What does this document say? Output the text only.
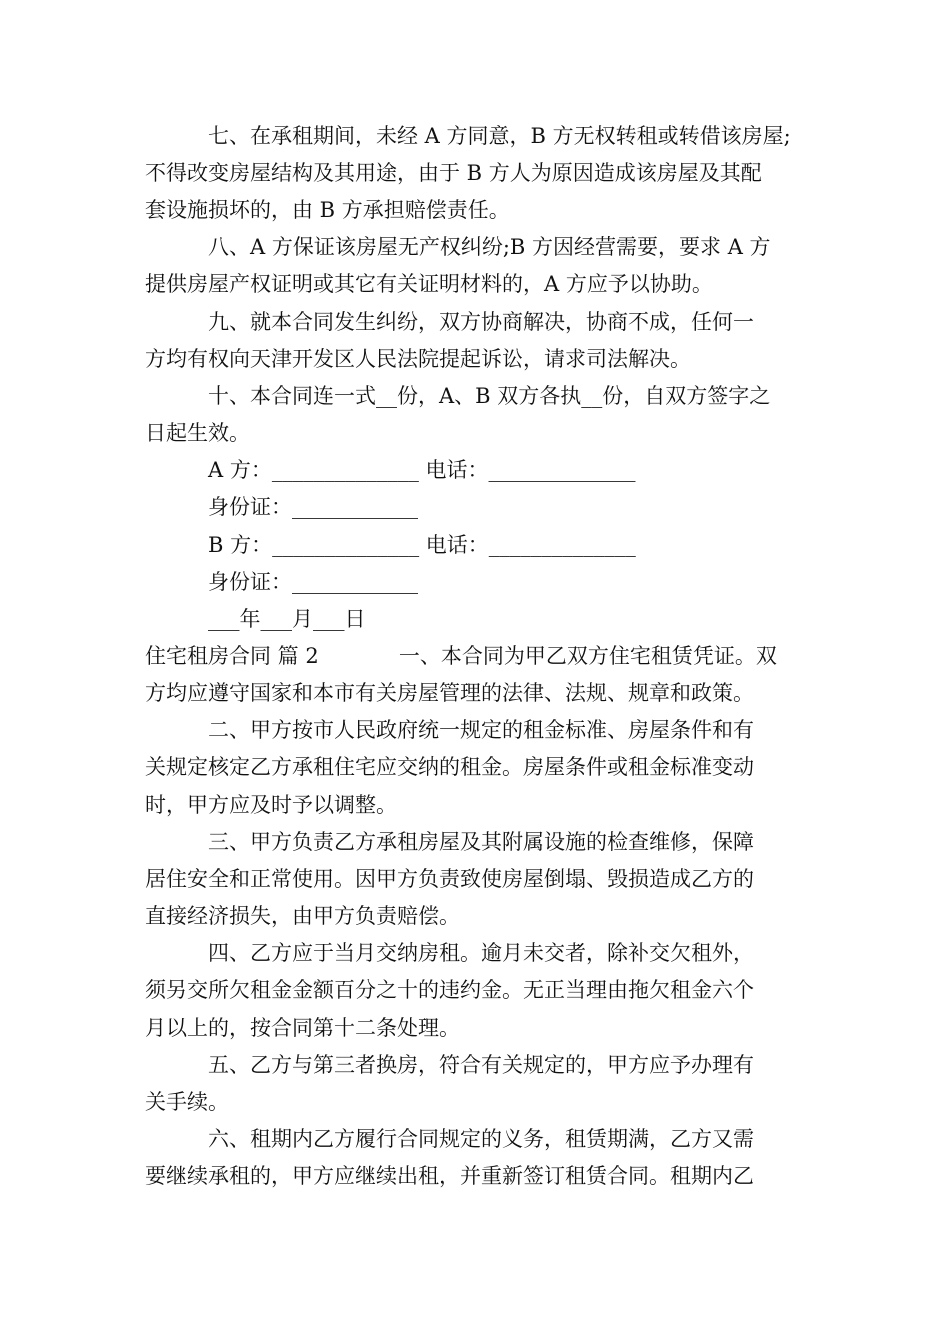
七、在承租期间，未经 A 方同意，B 方无权转租或转借该房屋;
不得改变房屋结构及其用途，由于 B 方人为原因造成该房屋及其配
套设施损坏的，由 B 方承担赔偿责任。
八、A 方保证该房屋无产权纠纷;B 方因经营需要，要求 A 方
提供房屋产权证明或其它有关证明材料的，A 方应予以协助。
九、就本合同发生纠纷，双方协商解决，协商不成，任何一
方均有权向天津开发区人民法院提起诉讼，请求司法解决。
十、本合同连一式__份，A、B 双方各执__份，自双方签字之
日起生效。
A 方：______________ 电话：______________
身份证：____________
B 方：______________ 电话：______________
身份证：____________
___年___月___日
住宅租房合同 篇 2            一、本合同为甲乙双方住宅租赁凭证。双
方均应遵守国家和本市有关房屋管理的法律、法规、规章和政策。
二、甲方按市人民政府统一规定的租金标准、房屋条件和有
关规定核定乙方承租住宅应交纳的租金。房屋条件或租金标准变动
时，甲方应及时予以调整。
三、甲方负责乙方承租房屋及其附属设施的检查维修，保障
居住安全和正常使用。因甲方负责致使房屋倒塌、毁损造成乙方的
直接经济损失，由甲方负责赔偿。
四、乙方应于当月交纳房租。逾月未交者，除补交欠租外，
须另交所欠租金金额百分之十的违约金。无正当理由拖欠租金六个
月以上的，按合同第十二条处理。
五、乙方与第三者换房，符合有关规定的，甲方应予办理有
关手续。
六、租期内乙方履行合同规定的义务，租赁期满，乙方又需
要继续承租的，甲方应继续出租，并重新签订租赁合同。租期内乙
